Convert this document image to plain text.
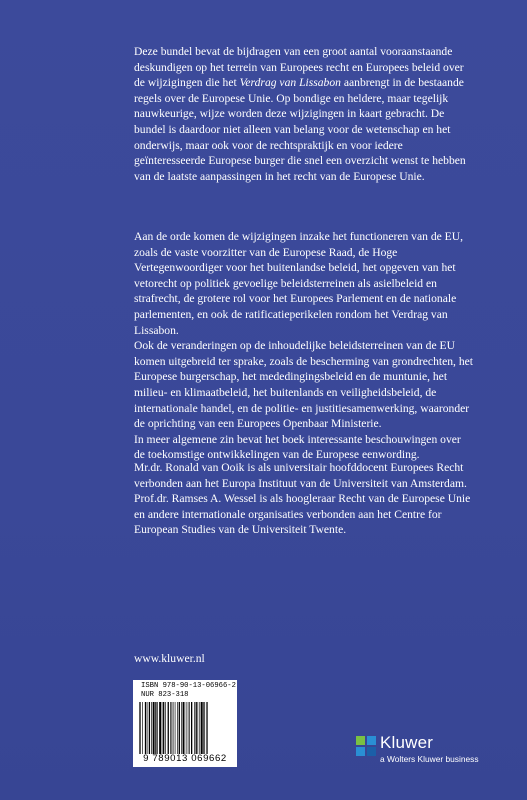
Deze bundel bevat de bijdragen van een groot aantal vooraanstaande deskundigen op het terrein van Europees recht en Europees beleid over de wijzigingen die het Verdrag van Lissabon aanbrengt in de bestaande regels over de Europese Unie. Op bondige en heldere, maar tegelijk nauwkeurige, wijze worden deze wijzigingen in kaart gebracht. De bundel is daardoor niet alleen van belang voor de wetenschap en het onderwijs, maar ook voor de rechtspraktijk en voor iedere geïnteresseerde Europese burger die snel een overzicht wenst te hebben van de laatste aanpassingen in het recht van de Europese Unie.

Aan de orde komen de wijzigingen inzake het functioneren van de EU, zoals de vaste voorzitter van de Europese Raad, de Hoge Vertegenwoordiger voor het buitenlandse beleid, het opgeven van het vetorecht op politiek gevoelige beleidsterreinen als asielbeleid en strafrecht, de grotere rol voor het Europees Parlement en de nationale parlementen, en ook de ratificatieperikelen rondom het Verdrag van Lissabon.

Ook de veranderingen op de inhoudelijke beleidsterreinen van de EU komen uitgebreid ter sprake, zoals de bescherming van grondrechten, het Europese burgerschap, het mededingingsbeleid en de muntunie, het milieu- en klimaatbeleid, het buitenlands en veiligheidsbeleid, de internationale handel, en de politie- en justitiesamenwerking, waaronder de oprichting van een Europees Openbaar Ministerie.

In meer algemene zin bevat het boek interessante beschouwingen over de toekomstige ontwikkelingen van de Europese eenwording.

Mr.dr. Ronald van Ooik is als universitair hoofddocent Europees Recht verbonden aan het Europa Instituut van de Universiteit van Amsterdam.

Prof.dr. Ramses A. Wessel is als hoogleraar Recht van de Europese Unie en andere internationale organisaties verbonden aan het Centre for European Studies van de Universiteit Twente.

www.kluwer.nl
ISBN 978-90-13-06966-2
NUR 823-318
9 789013 069662
Kluwer
a Wolters Kluwer business
